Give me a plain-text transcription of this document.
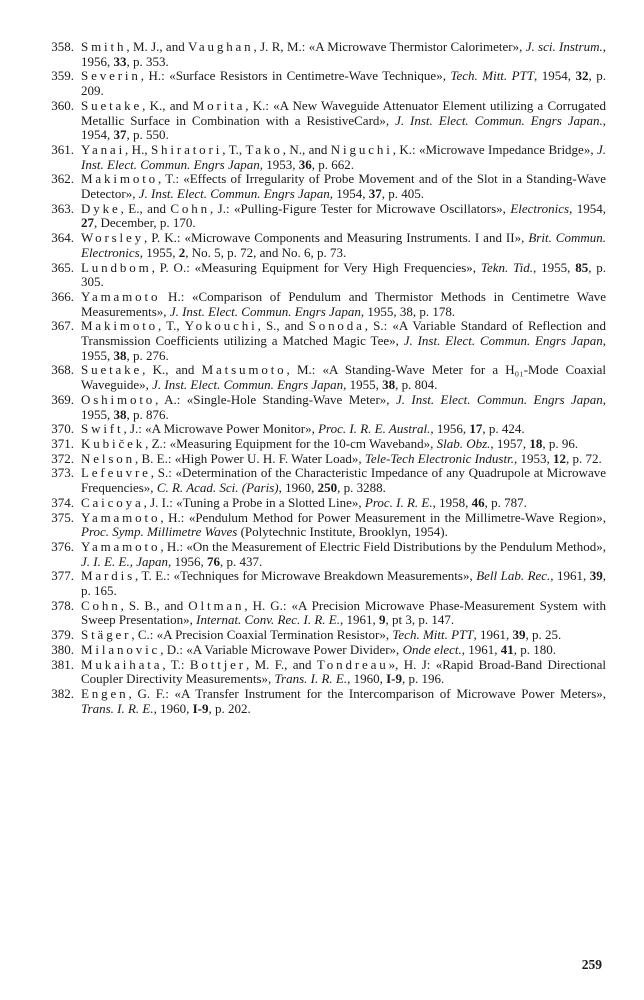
358. Smith, M. J., and Vaughan, J. R, M.: «A Microwave Thermistor Calorimeter», J. sci. Instrum., 1956, 33, p. 353.
359. Severin, H.: «Surface Resistors in Centimetre-Wave Technique», Tech. Mitt. PTT, 1954, 32, p. 209.
360. Suetake, K., and Morita, K.: «A New Waveguide Attenuator Element utilizing a Corrugated Metallic Surface in Combination with a ResistiveCard», J. Inst. Elect. Commun. Engrs Japan., 1954, 37, p. 550.
361. Yanai, H., Shiratori, T., Tako, N., and Niguchi, K.: «Microwave Impedance Bridge», J. Inst. Elect. Commun. Engrs Japan, 1953, 36, p. 662.
362. Makimoto, T.: «Effects of Irregularity of Probe Movement and of the Slot in a Standing-Wave Detector», J. Inst. Elect. Commun. Engrs Japan, 1954, 37, p. 405.
363. Dyke, E., and Cohn, J.: «Pulling-Figure Tester for Microwave Oscillators», Electronics, 1954, 27, December, p. 170.
364. Worsley, P. K.: «Microwave Components and Measuring Instruments. I and II», Brit. Commun. Electronics, 1955, 2, No. 5, p. 72, and No. 6, p. 73.
365. Lundbom, P. O.: «Measuring Equipment for Very High Frequencies», Tekn. Tid., 1955, 85, p. 305.
366. Yamamoto H.: «Comparison of Pendulum and Thermistor Methods in Centimetre Wave Measurements», J. Inst. Elect. Commun. Engrs Japan, 1955, 38, p. 178.
367. Makimoto, T., Yokouchi, S., and Sonoda, S.: «A Variable Standard of Reflection and Transmission Coefficients utilizing a Matched Magic Tee», J. Inst. Elect. Commun. Engrs Japan, 1955, 38, p. 276.
368. Suetake, K., and Matsumoto, M.: «A Standing-Wave Meter for a H₀₁-Mode Coaxial Waveguide», J. Inst. Elect. Commun. Engrs Japan, 1955, 38, p. 804.
369. Oshimoto, A.: «Single-Hole Standing-Wave Meter», J. Inst. Elect. Commun. Engrs Japan, 1955, 38, p. 876.
370. Swift, J.: «A Microwave Power Monitor», Proc. I. R. E. Austral., 1956, 17, p. 424.
371. Kubiček, Z.: «Measuring Equipment for the 10-cm Waveband», Slab. Obz., 1957, 18, p. 96.
372. Nelson, B. E.: «High Power U. H. F. Water Load», Tele-Tech Electronic Industr., 1953, 12, p. 72.
373. Lefeuvre, S.: «Determination of the Characteristic Impedance of any Quadrupole at Microwave Frequencies», C. R. Acad. Sci. (Paris), 1960, 250, p. 3288.
374. Caicoya, J. I.: «Tuning a Probe in a Slotted Line», Proc. I. R. E., 1958, 46, p. 787.
375. Yamamoto, H.: «Pendulum Method for Power Measurement in the Millimetre-Wave Region», Proc. Symp. Millimetre Waves (Polytechnic Institute, Brooklyn, 1954).
376. Yamamoto, H.: «On the Measurement of Electric Field Distributions by the Pendulum Method», J. I. E. E., Japan, 1956, 76, p. 437.
377. Mardis, T. E.: «Techniques for Microwave Breakdown Measurements», Bell Lab. Rec., 1961, 39, p. 165.
378. Cohn, S. B., and Oltman, H. G.: «A Precision Microwave Phase-Measurement System with Sweep Presentation», Internat. Conv. Rec. I. R. E., 1961, 9, pt 3, p. 147.
379. Stäger, C.: «A Precision Coaxial Termination Resistor», Tech. Mitt. PTT, 1961, 39, p. 25.
380. Milanovic, D.: «A Variable Microwave Power Divider», Onde elect., 1961, 41, p. 180.
381. Mukaihata, T.: Bottjer, M. F., and Tondreau», H. J: «Rapid Broad-Band Directional Coupler Directivity Measurements», Trans. I. R. E., 1960, I-9, p. 196.
382. Engen, G. F.: «A Transfer Instrument for the Intercomparison of Microwave Power Meters», Trans. I. R. E., 1960, I-9, p. 202.
259
